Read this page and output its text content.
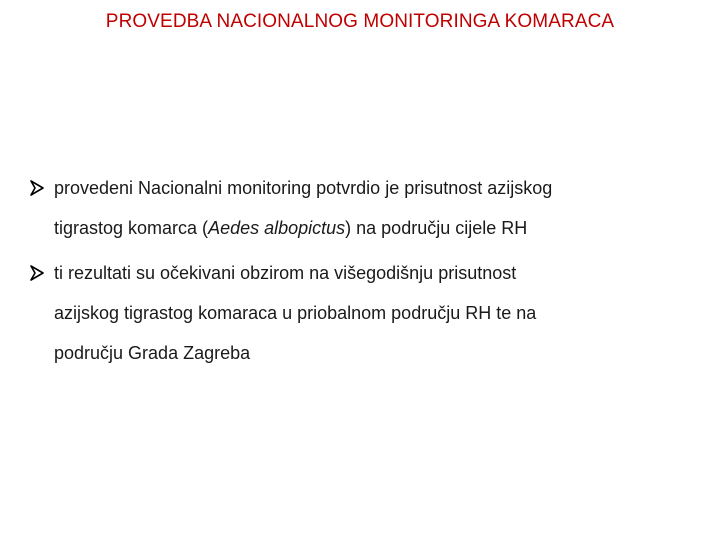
PROVEDBA NACIONALNOG MONITORINGA KOMARACA
provedeni Nacionalni monitoring potvrdio je prisutnost azijskog
tigrastog komarca (Aedes albopictus) na području cijele RH
ti rezultati su očekivani obzirom na višegodišnju prisutnost
azijskog tigrastog komaraca u priobalnom području RH te na
području Grada Zagreba
